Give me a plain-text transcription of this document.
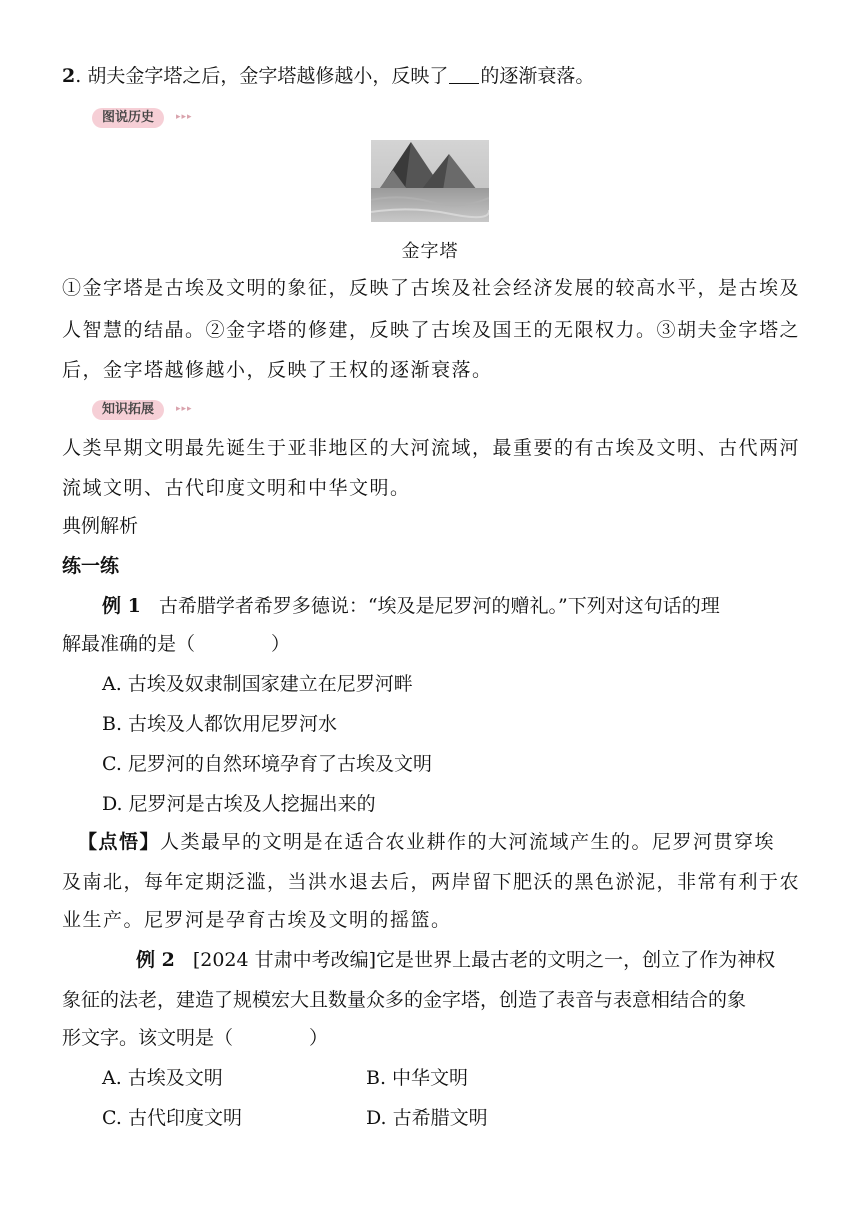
2. 胡夫金字塔之后，金字塔越修越小，反映了 的逐渐衰落。
图说历史	▸▸▸
金字塔
①金字塔是古埃及文明的象征，反映了古埃及社会经济发展的较高水平，是古埃及
人智慧的结晶。②金字塔的修建，反映了古埃及国王的无限权力。③胡夫金字塔之
后，金字塔越修越小，反映了王权的逐渐衰落。
知识拓展	▸▸▸
人类早期文明最先诞生于亚非地区的大河流域，最重要的有古埃及文明、古代两河
流域文明、古代印度文明和中华文明。
典例解析
练一练
例 1 古希腊学者希罗多德说：“埃及是尼罗河的赠礼。”下列对这句话的理
解最准确的是（　　　　）
A. 古埃及奴隶制国家建立在尼罗河畔
B. 古埃及人都饮用尼罗河水
C. 尼罗河的自然环境孕育了古埃及文明
D. 尼罗河是古埃及人挖掘出来的
【点悟】人类最早的文明是在适合农业耕作的大河流域产生的。尼罗河贯穿埃
及南北，每年定期泛滥，当洪水退去后，两岸留下肥沃的黑色淤泥，非常有利于农
业生产。尼罗河是孕育古埃及文明的摇篮。
例 2 [2024 甘肃中考改编]它是世界上最古老的文明之一，创立了作为神权
象征的法老，建造了规模宏大且数量众多的金字塔，创造了表音与表意相结合的象
形文字。该文明是（　　　　）
A. 古埃及文明	B. 中华文明
C. 古代印度文明	D. 古希腊文明
